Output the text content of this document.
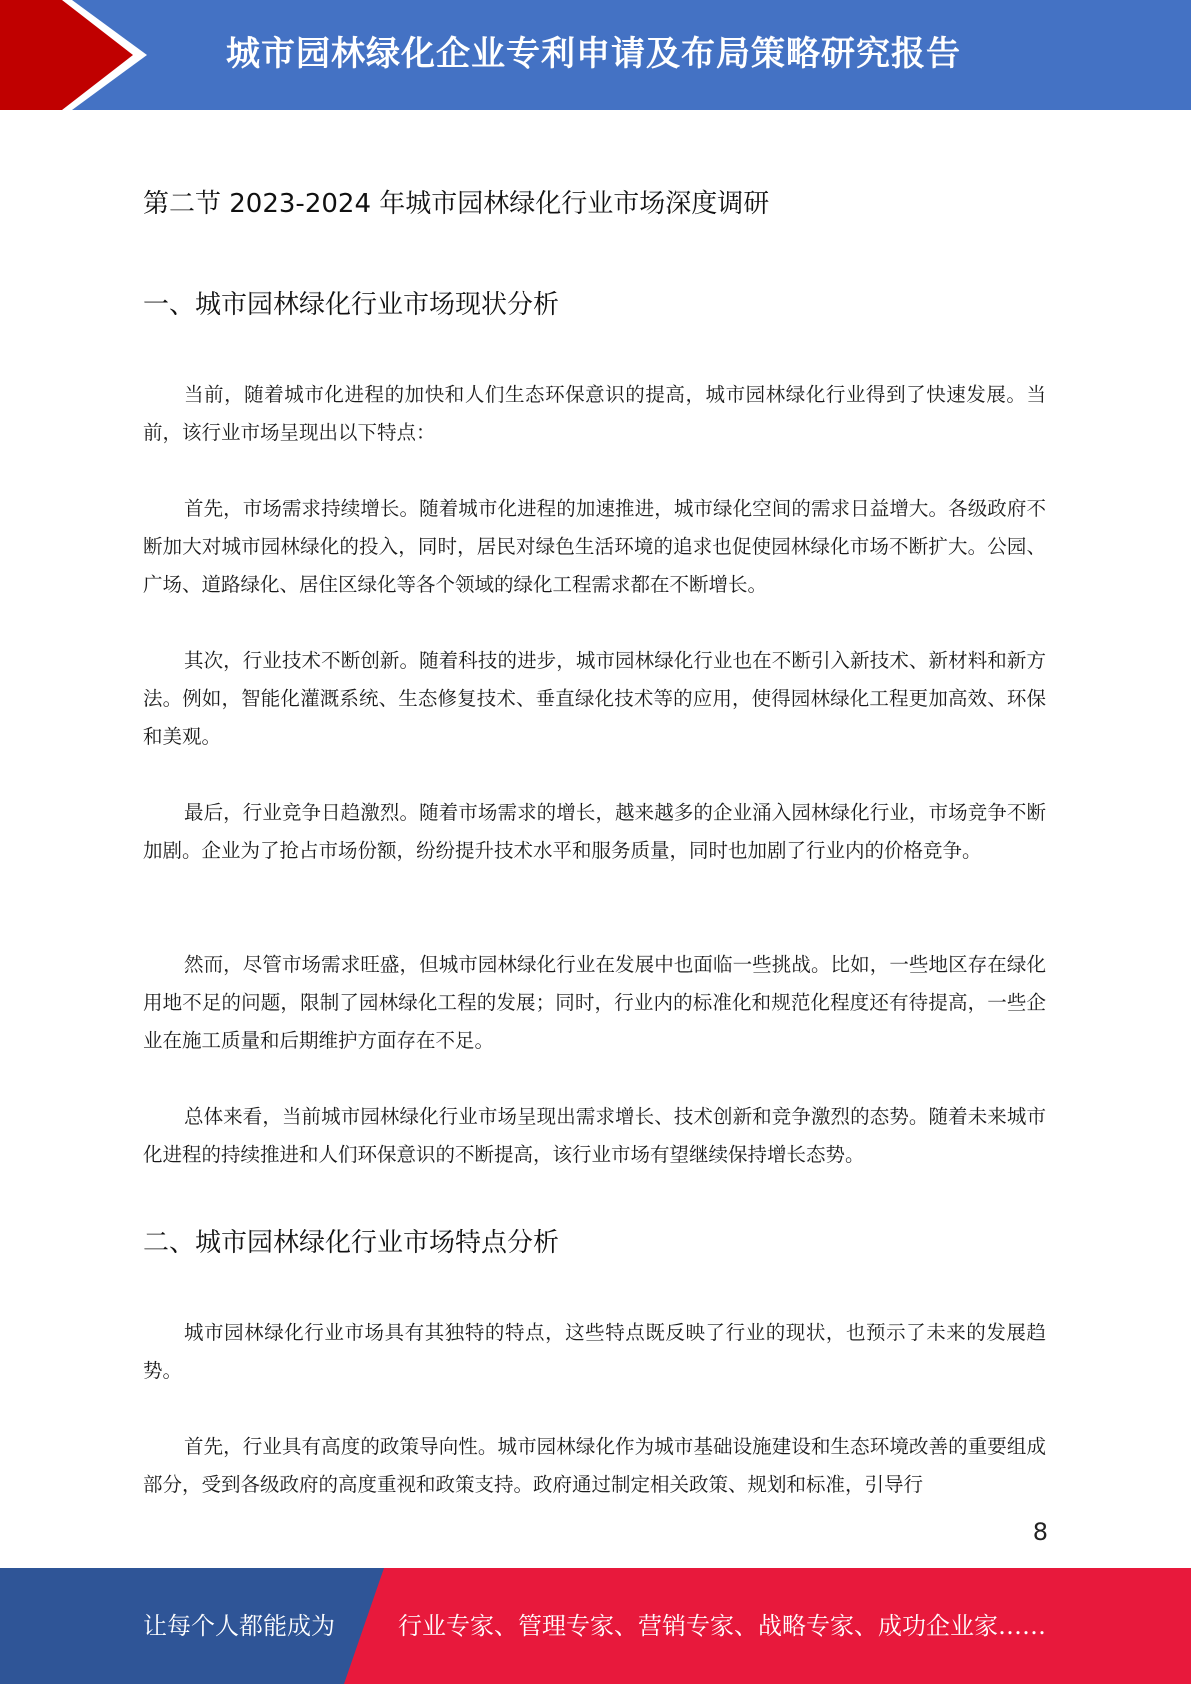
城市园林绿化企业专利申请及布局策略研究报告
第二节 2023-2024 年城市园林绿化行业市场深度调研
一、城市园林绿化行业市场现状分析

当前，随着城市化进程的加快和人们生态环保意识的提高，城市园林绿化行业得到了快速发展。当前，该行业市场呈现出以下特点：

首先，市场需求持续增长。随着城市化进程的加速推进，城市绿化空间的需求日益增大。各级政府不断加大对城市园林绿化的投入，同时，居民对绿色生活环境的追求也促使园林绿化市场不断扩大。公园、广场、道路绿化、居住区绿化等各个领域的绿化工程需求都在不断增长。

其次，行业技术不断创新。随着科技的进步，城市园林绿化行业也在不断引入新技术、新材料和新方法。例如，智能化灌溉系统、生态修复技术、垂直绿化技术等的应用，使得园林绿化工程更加高效、环保和美观。

最后，行业竞争日趋激烈。随着市场需求的增长，越来越多的企业涌入园林绿化行业，市场竞争不断加剧。企业为了抢占市场份额，纷纷提升技术水平和服务质量，同时也加剧了行业内的价格竞争。

然而，尽管市场需求旺盛，但城市园林绿化行业在发展中也面临一些挑战。比如，一些地区存在绿化用地不足的问题，限制了园林绿化工程的发展；同时，行业内的标准化和规范化程度还有待提高，一些企业在施工质量和后期维护方面存在不足。

总体来看，当前城市园林绿化行业市场呈现出需求增长、技术创新和竞争激烈的态势。随着未来城市化进程的持续推进和人们环保意识的不断提高，该行业市场有望继续保持增长态势。

二、城市园林绿化行业市场特点分析

城市园林绿化行业市场具有其独特的特点，这些特点既反映了行业的现状，也预示了未来的发展趋势。

首先，行业具有高度的政策导向性。城市园林绿化作为城市基础设施建设和生态环境改善的重要组成部分，受到各级政府的高度重视和政策支持。政府通过制定相关政策、规划和标准，引导行

8
让每个人都能成为	行业专家、管理专家、营销专家、战略专家、成功企业家……
